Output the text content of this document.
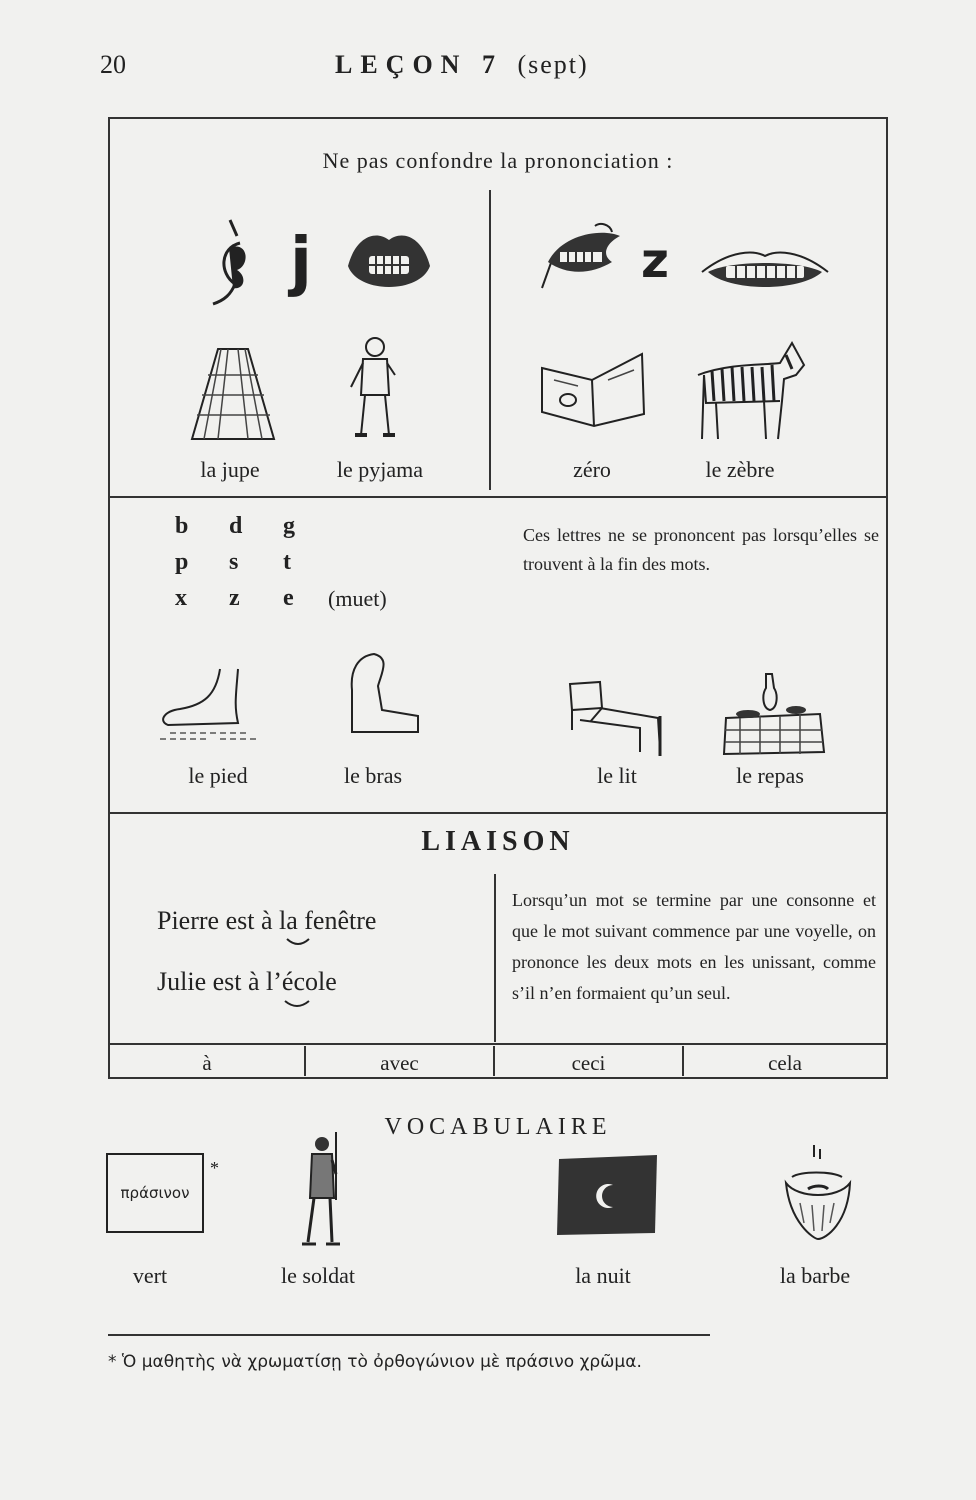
20	LEÇON 7 (sept)
Ne pas confondre la prononciation :
j	z
la jupe	le pyjama	zéro	le zèbre
b d g
p s t
x z e	(muet)
Ces lettres ne se prononcent pas lorsqu’elles se trouvent à la fin des mots.
le pied	le bras	le lit	le repas
LIAISON
Pierre est à la fenêtre
Julie est à l’école
Lorsqu’un mot se termine par une consonne et que le mot suivant commence par une voyelle, on prononce les deux mots en les unissant, comme s’il n’en formaient qu’un seul.
à	avec	ceci	cela
VOCABULAIRE
πράσινον
*
vert	le soldat	la nuit	la barbe
* Ὁ μαθητὴς νὰ χρωματίσῃ τὸ ὀρθογώνιον μὲ πράσινο χρῶμα.
